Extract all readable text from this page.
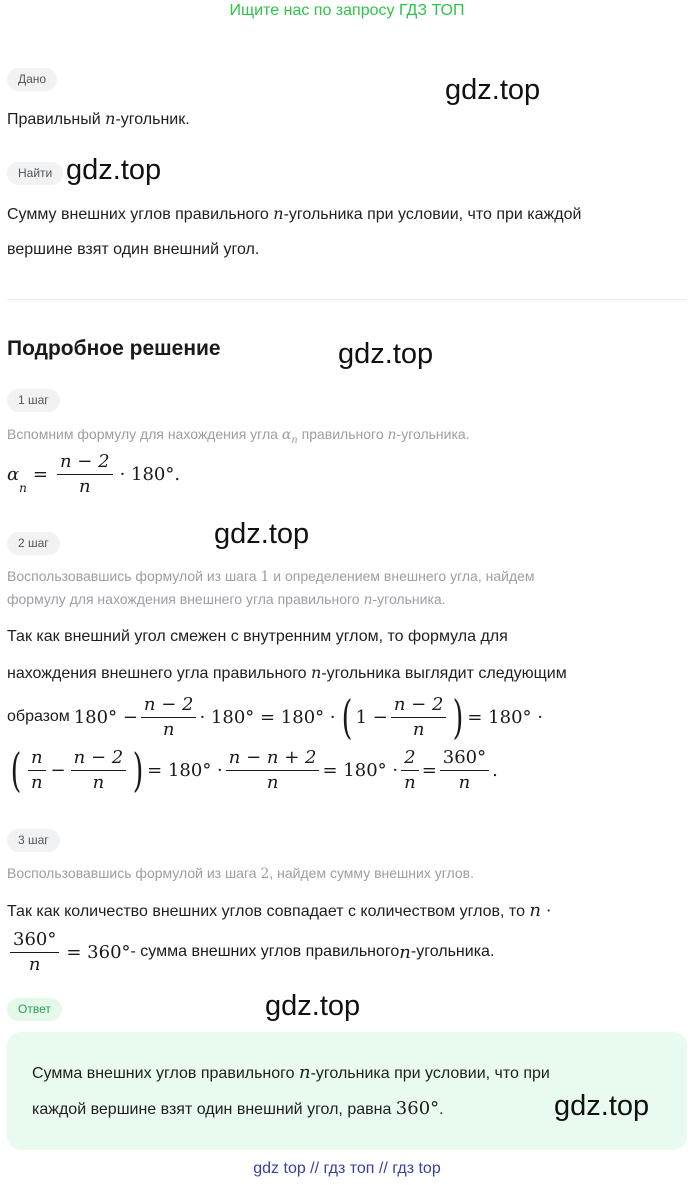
Ищите нас по запросу ГДЗ ТОП
Дано	gdz.top
Правильный n-угольник.
Найти gdz.top
Сумму внешних углов правильного n-угольника при условии, что при каждой
вершине взят один внешний угол.
Подробное решение	gdz.top
1 шаг
Вспомним формулу для нахождения угла $\alpha_n$ правильного n-угольника.
α
$_n$
= $\frac{n - 2}{n} \cdot 180^\circ$.
gdz.top
2 шаг
Воспользовавшись формулой из шага 1 и определением внешнего угла, найдем
формулу для нахождения внешнего угла правильного n-угольника.
Так как внешний угол смежен с внутренним углом, то формула для
нахождения внешнего угла правильного n-угольника выглядит следующим
образом $180^\circ - \frac{n - 2}{n} \cdot 180^\circ = 180^\circ$ · ( $1 - \frac{n - 2}{n}$ ) = 180° ·
( $\frac{n}{n} - \frac{n - 2}{n}$ ) = $180^\circ \cdot \frac{n - n + 2}{n} = 180^\circ \cdot \frac{2}{n} = \frac{360^\circ}{n}$ .
3 шаг
Воспользовавшись формулой из шага 2, найдем сумму внешних углов.
Так как количество внешних углов совпадает с количеством углов, то n ·
$\frac{360^\circ}{n} = 360^\circ$ - сумма внешних углов правильного n -угольника.
Ответ	gdz.top
Сумма внешних углов правильного n-угольника при условии, что при
каждой вершине взят один внешний угол, равна 360°.	gdz.top
gdz top // гдз топ // гдз top
